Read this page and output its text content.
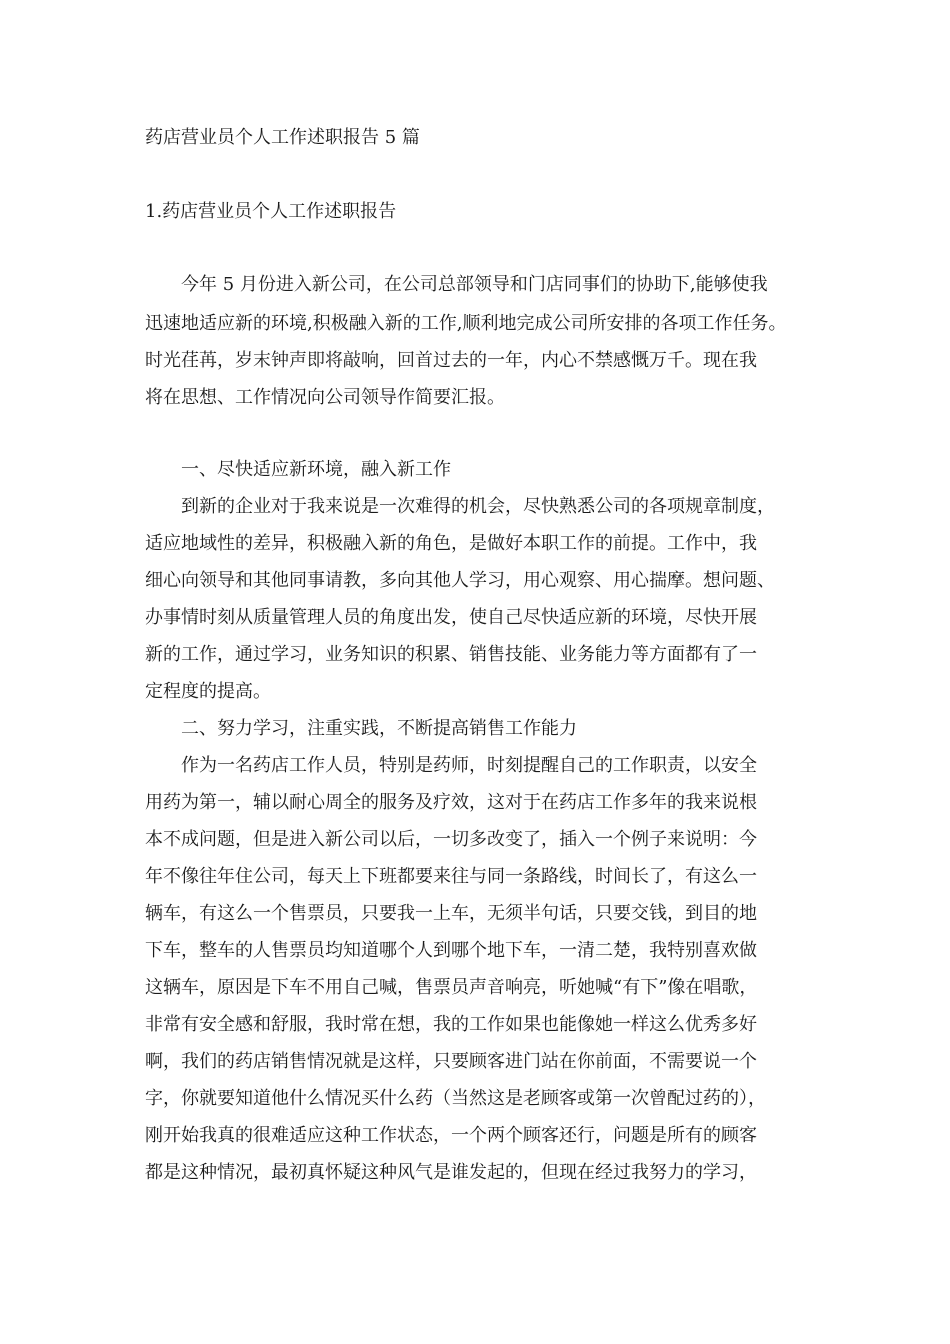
药店营业员个人工作述职报告 5 篇
1.药店营业员个人工作述职报告
今年 5 月份进入新公司，在公司总部领导和门店同事们的协助下,能够使我
迅速地适应新的环境,积极融入新的工作,顺利地完成公司所安排的各项工作任务。
时光荏苒，岁末钟声即将敲响，回首过去的一年，内心不禁感慨万千。现在我
将在思想、工作情况向公司领导作简要汇报。
一、尽快适应新环境，融入新工作
到新的企业对于我来说是一次难得的机会，尽快熟悉公司的各项规章制度，
适应地域性的差异，积极融入新的角色，是做好本职工作的前提。工作中，我
细心向领导和其他同事请教，多向其他人学习，用心观察、用心揣摩。想问题、
办事情时刻从质量管理人员的角度出发，使自己尽快适应新的环境，尽快开展
新的工作，通过学习，业务知识的积累、销售技能、业务能力等方面都有了一
定程度的提高。
二、努力学习，注重实践，不断提高销售工作能力
作为一名药店工作人员，特别是药师，时刻提醒自己的工作职责，以安全
用药为第一，辅以耐心周全的服务及疗效，这对于在药店工作多年的我来说根
本不成问题，但是进入新公司以后，一切多改变了，插入一个例子来说明：今
年不像往年住公司，每天上下班都要来往与同一条路线，时间长了，有这么一
辆车，有这么一个售票员，只要我一上车，无须半句话，只要交钱，到目的地
下车，整车的人售票员均知道哪个人到哪个地下车，一清二楚，我特别喜欢做
这辆车，原因是下车不用自己喊，售票员声音响亮，听她喊“有下”像在唱歌，
非常有安全感和舒服，我时常在想，我的工作如果也能像她一样这么优秀多好
啊，我们的药店销售情况就是这样，只要顾客进门站在你前面，不需要说一个
字，你就要知道他什么情况买什么药（当然这是老顾客或第一次曾配过药的），
刚开始我真的很难适应这种工作状态，一个两个顾客还行，问题是所有的顾客
都是这种情况，最初真怀疑这种风气是谁发起的，但现在经过我努力的学习，
